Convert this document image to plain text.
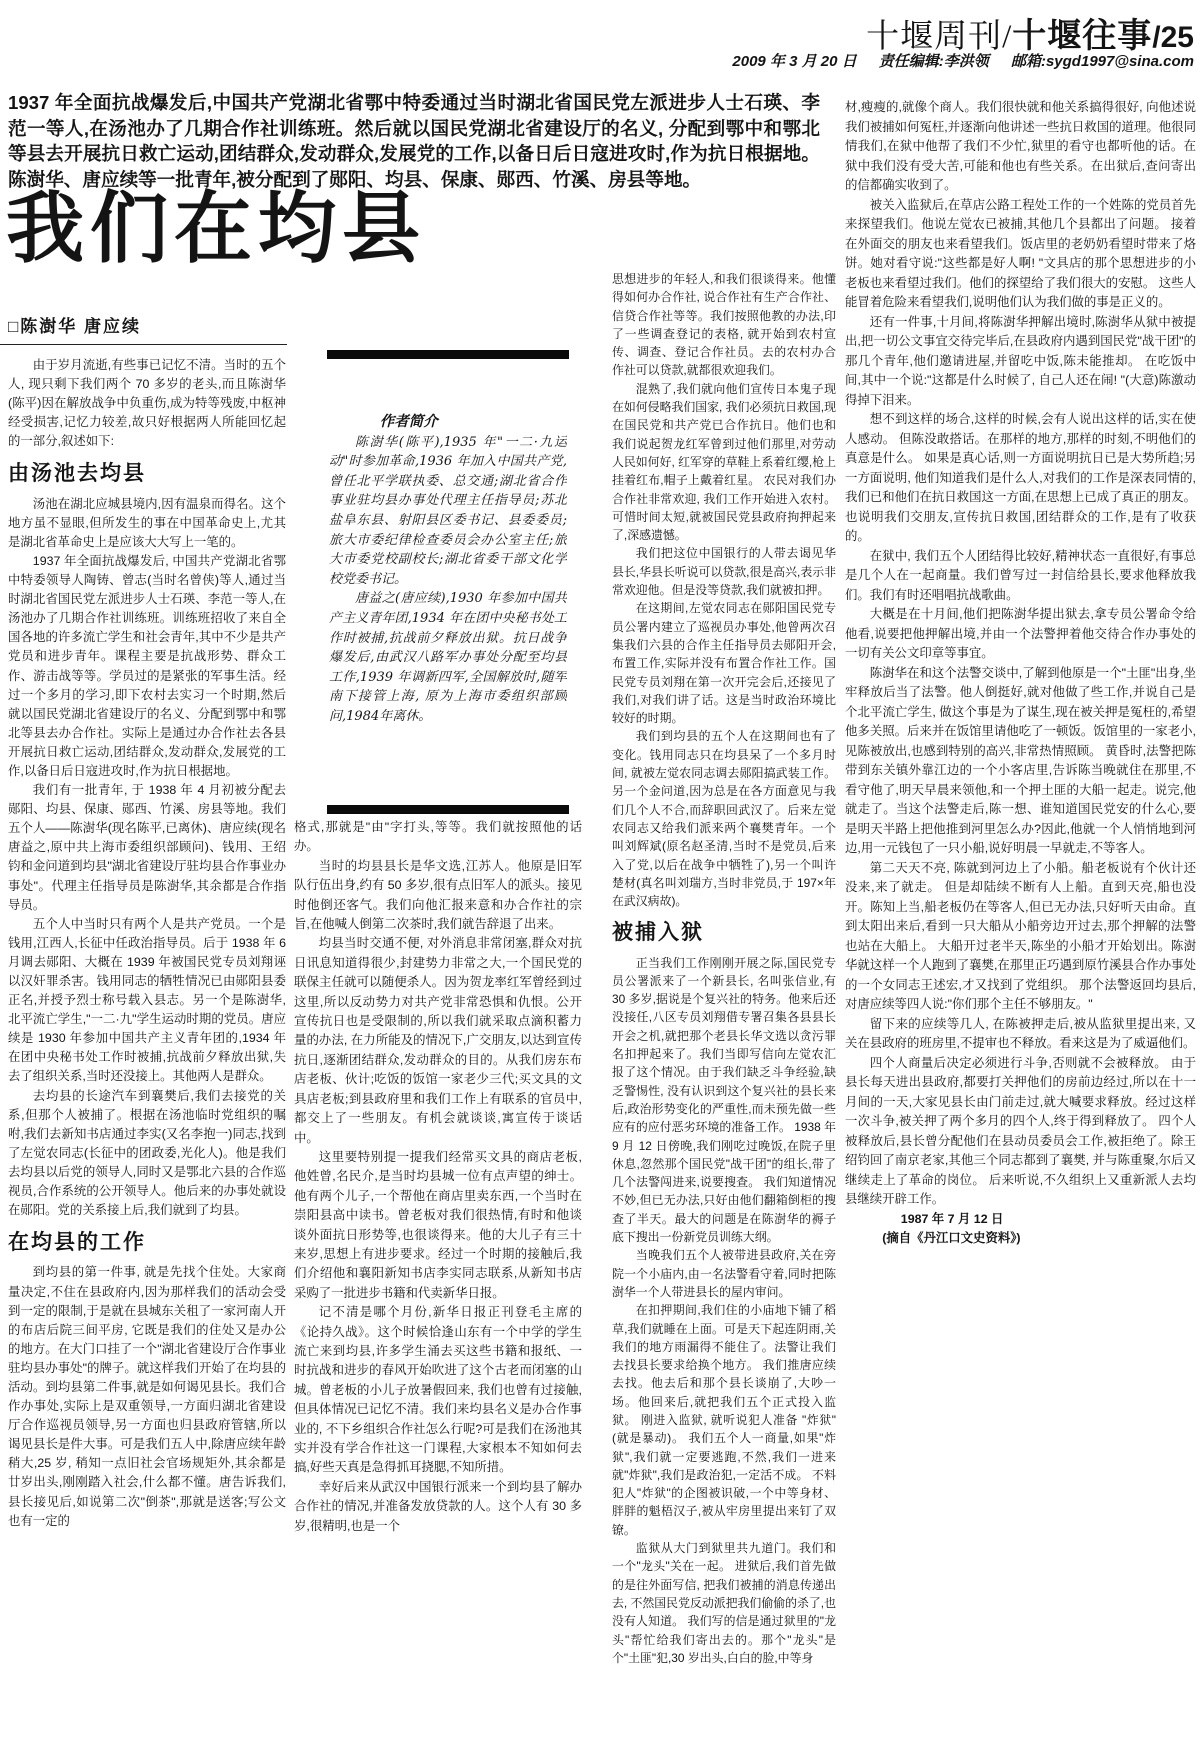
十堰周刊/十堰往事/25
2009 年 3 月 20 日 责任编辑:李洪领 邮箱:sygd1997@sina.com
1937 年全面抗战爆发后,中国共产党湖北省鄂中特委通过当时湖北省国民党左派进步人士石瑛、李范一等人,在汤池办了几期合作社训练班。然后就以国民党湖北省建设厅的名义, 分配到鄂中和鄂北等县去开展抗日救亡运动,团结群众,发动群众,发展党的工作,以备日后日寇进攻时,作为抗日根据地。陈澍华、唐应续等一批青年,被分配到了郧阳、均县、保康、郧西、竹溪、房县等地。
我们在均县
□陈澍华 唐应续
由于岁月流逝,有些事已记忆不清。当时的五个人, 现只剩下我们两个 70 多岁的老头,而且陈澍华(陈平)因在解放战争中负重伤,成为特等残废,中枢神经受损害,记忆力较差,故只好根据两人所能回忆起的一部分,叙述如下:
由汤池去均县
汤池在湖北应城县境内,因有温泉而得名。这个地方虽不显眼,但所发生的事在中国革命史上,尤其是湖北省革命史上是应该大大写上一笔的。
1937 年全面抗战爆发后, 中国共产党湖北省鄂中特委领导人陶铸、曾志(当时名曾侠)等人,通过当时湖北省国民党左派进步人士石瑛、李范一等人,在汤池办了几期合作社训练班。训练班招收了来自全国各地的许多流亡学生和社会青年,其中不少是共产党员和进步青年。课程主要是抗战形势、群众工作、游击战等等。学员过的是紧张的军事生活。经过一个多月的学习,即下农村去实习一个时期,然后就以国民党湖北省建设厅的名义、分配到鄂中和鄂北等县去办合作社。实际上是通过办合作社去各县开展抗日救亡运动,团结群众,发动群众,发展党的工作,以备日后日寇进攻时,作为抗日根据地。
我们有一批青年, 于 1938 年 4 月初被分配去郧阳、均县、保康、郧西、竹溪、房县等地。我们五个人——陈澍华(现名陈平,已离休)、唐应续(现名唐益之,原中共上海市委组织部顾问)、钱用、王绍钧和金问道到均县"湖北省建设厅驻均县合作事业办事处"。代理主任指导员是陈澍华,其余都是合作指导员。
五个人中当时只有两个人是共产党员。一个是钱用,江西人,长征中任政治指导员。后于 1938 年 6 月调去郧阳、大概在 1939 年被国民党专员刘翔诬以汉奸罪杀害。钱用同志的牺牲情况已由郧阳县委正名,并授予烈士称号载入县志。另一个是陈澍华,北平流亡学生,"一二·九"学生运动时期的党员。唐应续是 1930 年参加中国共产主义青年团的,1934 年在团中央秘书处工作时被捕,抗战前夕释放出狱,失去了组织关系,当时还没接上。其他两人是群众。
去均县的长途汽车到襄樊后,我们去接党的关系,但那个人被捕了。根据在汤池临时党组织的嘱咐,我们去新知书店通过李实(又名李抱一)同志,找到了左觉农同志(长征中的团政委,光化人)。他是我们去均县以后党的领导人,同时又是鄂北六县的合作巡视员,合作系统的公开领导人。他后来的办事处就设在郧阳。党的关系接上后,我们就到了均县。
在均县的工作
到均县的第一件事, 就是先找个住处。大家商量决定,不住在县政府内,因为那样我们的活动会受到一定的限制,于是就在县城东关租了一家河南人开的布店后院三间平房, 它既是我们的住处又是办公的地方。在大门口挂了一个"湖北省建设厅合作事业驻均县办事处"的牌子。就这样我们开始了在均县的活动。到均县第二件事,就是如何谒见县长。我们合作办事处,实际上是双重领导,一方面归湖北省建设厅合作巡视员领导,另一方面也归县政府管辖,所以谒见县长是件大事。可是我们五人中,除唐应续年龄稍大,25 岁, 稍知一点旧社会官场规矩外,其余都是廿岁出头,刚刚踏入社会,什么都不懂。唐告诉我们,县长接见后,如说第二次"倒茶",那就是送客;写公文也有一定的
作者简介
陈澍华(陈平),1935 年"一二·九运动"时参加革命,1936 年加入中国共产党,曾任北平学联执委、总交通;湖北省合作事业驻均县办事处代理主任指导员;苏北盐阜东县、射阳县区委书记、县委委员;旅大市委纪律检查委员会办公室主任;旅大市委党校副校长;湖北省委干部文化学校党委书记。
唐益之(唐应续),1930 年参加中国共产主义青年团,1934 年在团中央秘书处工作时被捕,抗战前夕释放出狱。抗日战争爆发后,由武汉八路军办事处分配至均县工作,1939 年调新四军,全国解放时,随军南下接管上海, 原为上海市委组织部顾问,1984年离休。
格式,那就是"由"字打头,等等。我们就按照他的话办。
当时的均县县长是华文选,江苏人。他原是旧军队行伍出身,约有 50 多岁,很有点旧军人的派头。接见时他倒还客气。我们向他汇报来意和办合作社的宗旨,在他喊人倒第二次茶时,我们就告辞退了出来。
均县当时交通不便, 对外消息非常闭塞,群众对抗日讯息知道得很少,封建势力非常之大,一个国民党的联保主任就可以随便杀人。因为贺龙率红军曾经到过这里,所以反动势力对共产党非常恐惧和仇恨。公开宣传抗日也是受限制的,所以我们就采取点滴积蓄力量的办法, 在力所能及的情况下,广交朋友,以达到宣传抗日,逐渐团结群众,发动群众的目的。从我们房东布店老板、伙计;吃饭的饭馆一家老少三代;买文具的文具店老板;到县政府里和我们工作上有联系的官员中,都交上了一些朋友。有机会就谈谈,寓宣传于谈话中。
这里要特别提一提我们经常买文具的商店老板,他姓曾,名民介,是当时均县城一位有点声望的绅士。他有两个儿子,一个帮他在商店里卖东西,一个当时在崇阳县高中读书。曾老板对我们很热情,有时和他谈谈外面抗日形势等,也很谈得来。他的大儿子有三十来岁,思想上有进步要求。经过一个时期的接触后,我们介绍他和襄阳新知书店李实同志联系,从新知书店采购了一批进步书籍和代卖新华日报。
记不清是哪个月份,新华日报正刊登毛主席的《论持久战》。这个时候恰逢山东有一个中学的学生流亡来到均县,许多学生涌去买这些书籍和报纸、一时抗战和进步的春风开始吹进了这个古老而闭塞的山城。曾老板的小儿子放暑假回来, 我们也曾有过接触,但具体情况已记忆不清。我们来均县名义是办合作事业的, 不下乡组织合作社怎么行呢?可是我们在汤池其实并没有学合作社这一门课程,大家根本不知如何去搞,好些天真是急得抓耳挠腮,不知所措。
幸好后来从武汉中国银行派来一个到均县了解办合作社的情况,并准备发放贷款的人。这个人有 30 多岁,很精明,也是一个
思想进步的年轻人,和我们很谈得来。他懂得如何办合作社, 说合作社有生产合作社、信贷合作社等等。我们按照他教的办法,印了一些调查登记的表格, 就开始到农村宣传、调查、登记合作社员。去的农村办合作社可以贷款,就都很欢迎我们。
混熟了,我们就向他们宣传日本鬼子现在如何侵略我们国家, 我们必须抗日救国,现在国民党和共产党已合作抗日。他们也和我们说起贺龙红军曾到过他们那里,对劳动人民如何好, 红军穿的草鞋上系着红缨,枪上挂着红布,帽子上戴着红星。 农民对我们办合作社非常欢迎, 我们工作开始进入农村。可惜时间太短,就被国民党县政府拘押起来了,深感遗憾。
我们把这位中国银行的人带去谒见华县长,华县长听说可以贷款,很是高兴,表示非常欢迎他。但是没等贷款,我们就被扣押。
在这期间,左觉农同志在郧阳国民党专员公署内建立了巡视员办事处,他曾两次召集我们六县的合作主任指导员去郧阳开会,布置工作,实际并没有布置合作社工作。国民党专员刘翔在第一次开完会后,还接见了我们,对我们讲了话。这是当时政治环境比较好的时期。
我们到均县的五个人在这期间也有了变化。钱用同志只在均县呆了一个多月时间, 就被左觉农同志调去郧阳搞武装工作。另一个金问道,因为总是在各方面意见与我们几个人不合,而辞职回武汉了。后来左觉农同志又给我们派来两个襄樊青年。一个叫刘辉斌(原名赵圣清,当时不是党员,后来入了党,以后在战争中牺牲了),另一个叫许楚材(真名叫刘瑞方,当时非党员,于 197×年在武汉病故)。
被捕入狱
正当我们工作刚刚开展之际,国民党专员公署派来了一个新县长, 名叫张信业,有 30 多岁,据说是个复兴社的特务。他来后还没接任,八区专员刘翔借专署召集各县县长开会之机,就把那个老县长华文选以贪污罪名扣押起来了。我们当即写信向左觉农汇报了这个情况。由于我们缺乏斗争经验,缺乏警惕性, 没有认识到这个复兴社的县长来后,政治形势变化的严重性,而未预先做一些应有的应付恶劣环境的准备工作。 1938 年 9 月 12 日傍晚,我们刚吃过晚饭,在院子里休息,忽然那个国民党"战干团"的组长,带了几个法警闯进来,说要搜查。 我们知道情况不妙,但已无办法,只好由他们翻箱倒柜的搜查了半天。最大的问题是在陈澍华的褥子底下搜出一份新党员训练大纲。
当晚我们五个人被带进县政府,关在旁院一个小庙内,由一名法警看守着,同时把陈澍华一个人带进县长的屋内审问。
在扣押期间,我们住的小庙地下铺了稻草,我们就睡在上面。可是天下起连阴雨,关我们的地方雨漏得不能住了。法警让我们去找县长要求给换个地方。 我们推唐应续去找。他去后和那个县长谈崩了,大吵一场。他回来后,就把我们五个正式投入监狱。 刚进入监狱, 就听说犯人准备 "炸狱"(就是暴动)。 我们五个人一商量,如果"炸狱",我们就一定要逃跑,不然,我们一进来就"炸狱",我们是政治犯,一定活不成。 不料犯人"炸狱"的企图被识破,一个中等身材、胖胖的魁梧汉子,被从牢房里提出来钉了双镣。
监狱从大门到狱里共九道门。我们和一个"龙头"关在一起。 进狱后,我们首先做的是往外面写信, 把我们被捕的消息传递出去, 不然国民党反动派把我们偷偷的杀了,也没有人知道。 我们写的信是通过狱里的"龙头"帮忙给我们寄出去的。那个"龙头"是个"土匪"犯,30 岁出头,白白的脸,中等身
材,瘦瘦的,就像个商人。我们很快就和他关系搞得很好, 向他述说我们被捕如何冤枉,并逐渐向他讲述一些抗日救国的道理。他很同情我们,在狱中他帮了我们不少忙,狱里的看守也都听他的话。在狱中我们没有受大苦,可能和他也有些关系。在出狱后,查问寄出的信都确实收到了。
被关入监狱后,在草店公路工程处工作的一个姓陈的党员首先来探望我们。他说左觉农已被捕,其他几个县都出了问题。 接着在外面交的朋友也来看望我们。饭店里的老奶奶看望时带来了烙饼。她对看守说:"这些都是好人啊! "文具店的那个思想进步的小老板也来看望过我们。他们的探望给了我们很大的安慰。 这些人能冒着危险来看望我们,说明他们认为我们做的事是正义的。
还有一件事,十月间,将陈澍华押解出境时,陈澍华从狱中被提出,把一切公文事宜交待完毕后,在县政府内遇到国民党"战干团"的那几个青年,他们邀请进屋,并留吃中饭,陈未能推却。 在吃饭中间,其中一个说:"这都是什么时候了, 自己人还在闹! "(大意)陈激动得掉下泪来。
想不到这样的场合,这样的时候,会有人说出这样的话,实在使人感动。 但陈没敢搭话。在那样的地方,那样的时刻,不明他们的真意是什么。 如果是真心话,则一方面说明抗日已是大势所趋;另一方面说明, 他们知道我们是什么人,对我们的工作是深表同情的, 我们已和他们在抗日救国这一方面,在思想上已成了真正的朋友。也说明我们交朋友,宣传抗日救国,团结群众的工作,是有了收获的。
在狱中, 我们五个人团结得比较好,精神状态一直很好,有事总是几个人在一起商量。我们曾写过一封信给县长,要求他释放我们。我们有时还唱唱抗战歌曲。
大概是在十月间,他们把陈澍华提出狱去,拿专员公署命令给他看,说要把他押解出境,并由一个法警押着他交待合作办事处的一切有关公文印章等事宜。
陈澍华在和这个法警交谈中,了解到他原是一个"土匪"出身,坐牢释放后当了法警。他人倒挺好,就对他做了些工作,并说自己是个北平流亡学生, 做这个事是为了谋生,现在被关押是冤枉的,希望他多关照。后来并在饭馆里请他吃了一顿饭。饭馆里的一家老小,见陈被放出,也感到特别的高兴,非常热情照顾。 黄昏时,法警把陈带到东关镇外靠江边的一个小客店里,告诉陈当晚就住在那里,不看守他了,明天早晨来领他,和一个押土匪的大船一起走。说完,他就走了。当这个法警走后,陈一想、谁知道国民党安的什么心,要是明天半路上把他推到河里怎么办?因此,他就一个人悄悄地到河边,用一元钱包了一只小船,说好明晨一早就走,不等客人。
第二天天不亮, 陈就到河边上了小船。船老板说有个伙计还没来,来了就走。 但是却陆续不断有人上船。直到天亮,船也没开。陈知上当,船老板仍在等客人,但已无办法,只好听天由命。直到太阳出来后,看到一只大船从小船旁边开过去,那个押解的法警也站在大船上。 大船开过老半天,陈坐的小船才开始划出。陈澍华就这样一个人跑到了襄樊,在那里正巧遇到原竹溪县合作办事处的一个女同志王述宏,才又找到了党组织。 那个法警返回均县后,对唐应续等四人说:"你们那个主任不够朋友。"
留下来的应续等几人, 在陈被押走后,被从监狱里提出来, 又关在县政府的班房里,不提审也不释放。看来这是为了威逼他们。
四个人商量后决定必须进行斗争,否则就不会被释放。 由于县长每天进出县政府,都要打关押他们的房前边经过,所以在十一月间的一天,大家见县长由门前走过,就大喊要求释放。经过这样一次斗争,被关押了两个多月的四个人,终于得到释放了。 四个人被释放后,县长曾分配他们在县动员委员会工作,被拒绝了。除王绍钧回了南京老家,其他三个同志都到了襄樊, 并与陈重聚,尔后又继续走上了革命的岗位。 后来听说,不久组织上又重新派人去均县继续开辟工作。
1987 年 7 月 12 日
(摘自《丹江口文史资料》)
